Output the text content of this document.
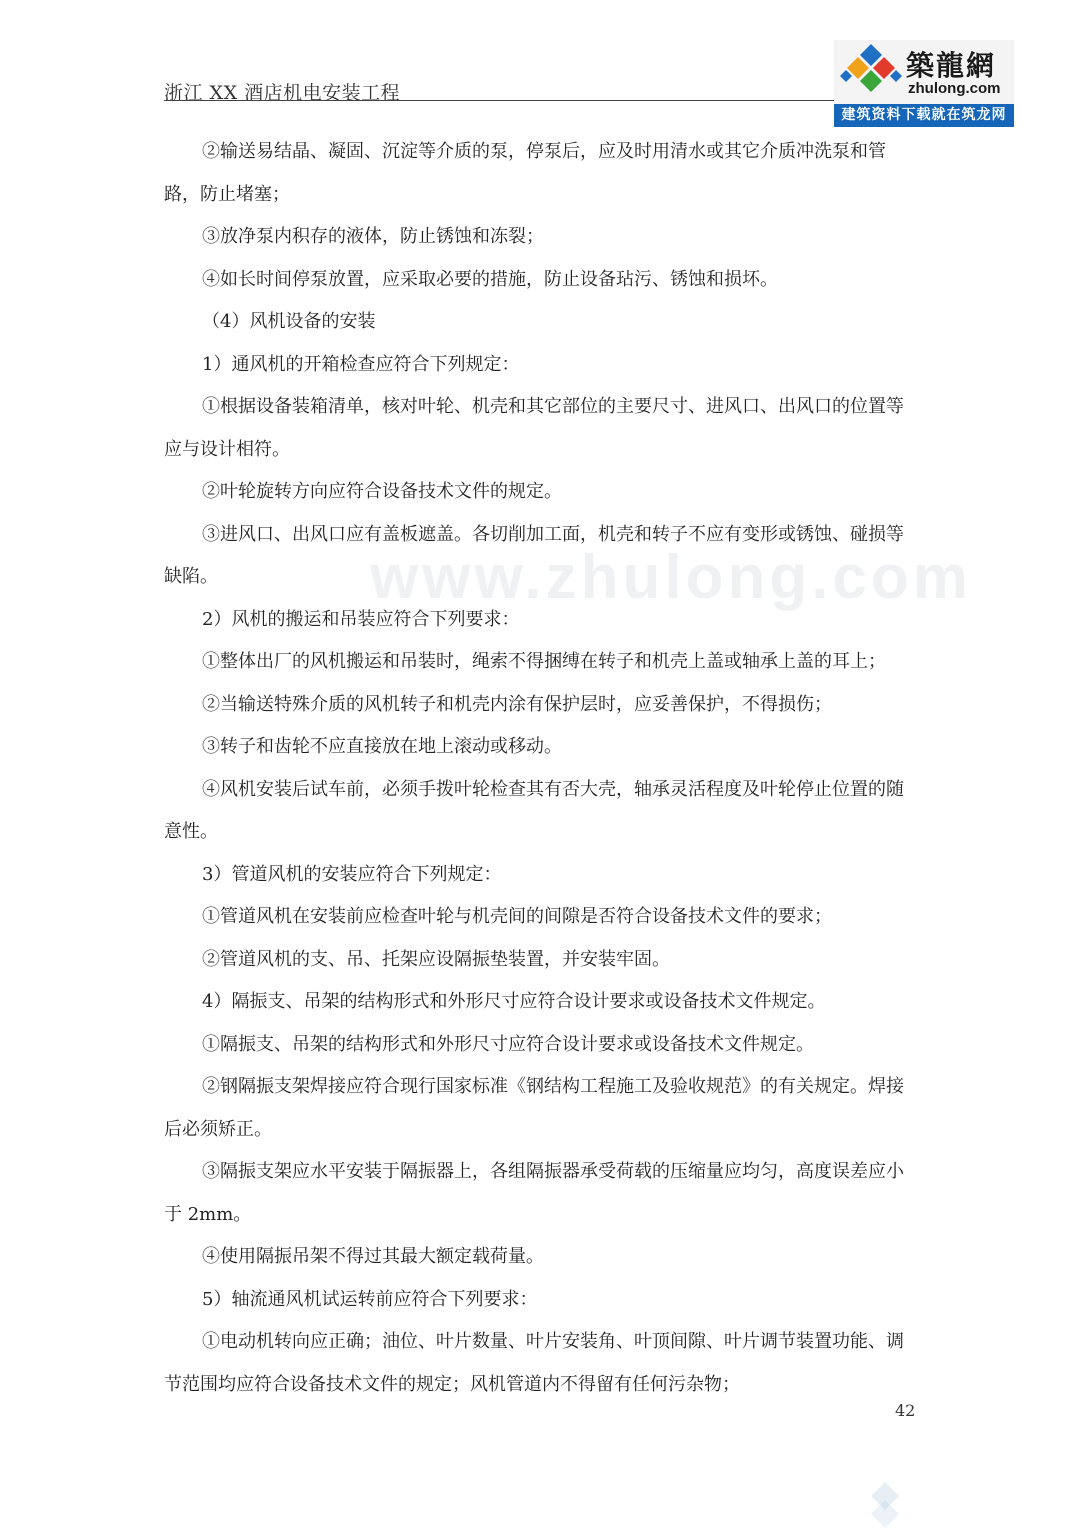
www.zhulong.com
浙江 XX 酒店机电安装工程
築龍網
zhulong.com
建筑资料下载就在筑龙网

②输送易结晶、凝固、沉淀等介质的泵，停泵后，应及时用清水或其它介质冲洗泵和管路，防止堵塞；

③放净泵内积存的液体，防止锈蚀和冻裂；

④如长时间停泵放置，应采取必要的措施，防止设备玷污、锈蚀和损坏。

（4）风机设备的安装

1）通风机的开箱检查应符合下列规定：

①根据设备装箱清单，核对叶轮、机壳和其它部位的主要尺寸、进风口、出风口的位置等应与设计相符。

②叶轮旋转方向应符合设备技术文件的规定。

③进风口、出风口应有盖板遮盖。各切削加工面，机壳和转子不应有变形或锈蚀、碰损等缺陷。

2）风机的搬运和吊装应符合下列要求：

①整体出厂的风机搬运和吊装时，绳索不得捆缚在转子和机壳上盖或轴承上盖的耳上；

②当输送特殊介质的风机转子和机壳内涂有保护层时，应妥善保护，不得损伤；

③转子和齿轮不应直接放在地上滚动或移动。

④风机安装后试车前，必须手拨叶轮检查其有否大壳，轴承灵活程度及叶轮停止位置的随意性。

3）管道风机的安装应符合下列规定：

①管道风机在安装前应检查叶轮与机壳间的间隙是否符合设备技术文件的要求；

②管道风机的支、吊、托架应设隔振垫装置，并安装牢固。

4）隔振支、吊架的结构形式和外形尺寸应符合设计要求或设备技术文件规定。

①隔振支、吊架的结构形式和外形尺寸应符合设计要求或设备技术文件规定。

②钢隔振支架焊接应符合现行国家标准《钢结构工程施工及验收规范》的有关规定。焊接后必须矫正。

③隔振支架应水平安装于隔振器上，各组隔振器承受荷载的压缩量应均匀，高度误差应小于 2mm。

④使用隔振吊架不得过其最大额定载荷量。

5）轴流通风机试运转前应符合下列要求：

①电动机转向应正确；油位、叶片数量、叶片安装角、叶顶间隙、叶片调节装置功能、调节范围均应符合设备技术文件的规定；风机管道内不得留有任何污杂物；

42
